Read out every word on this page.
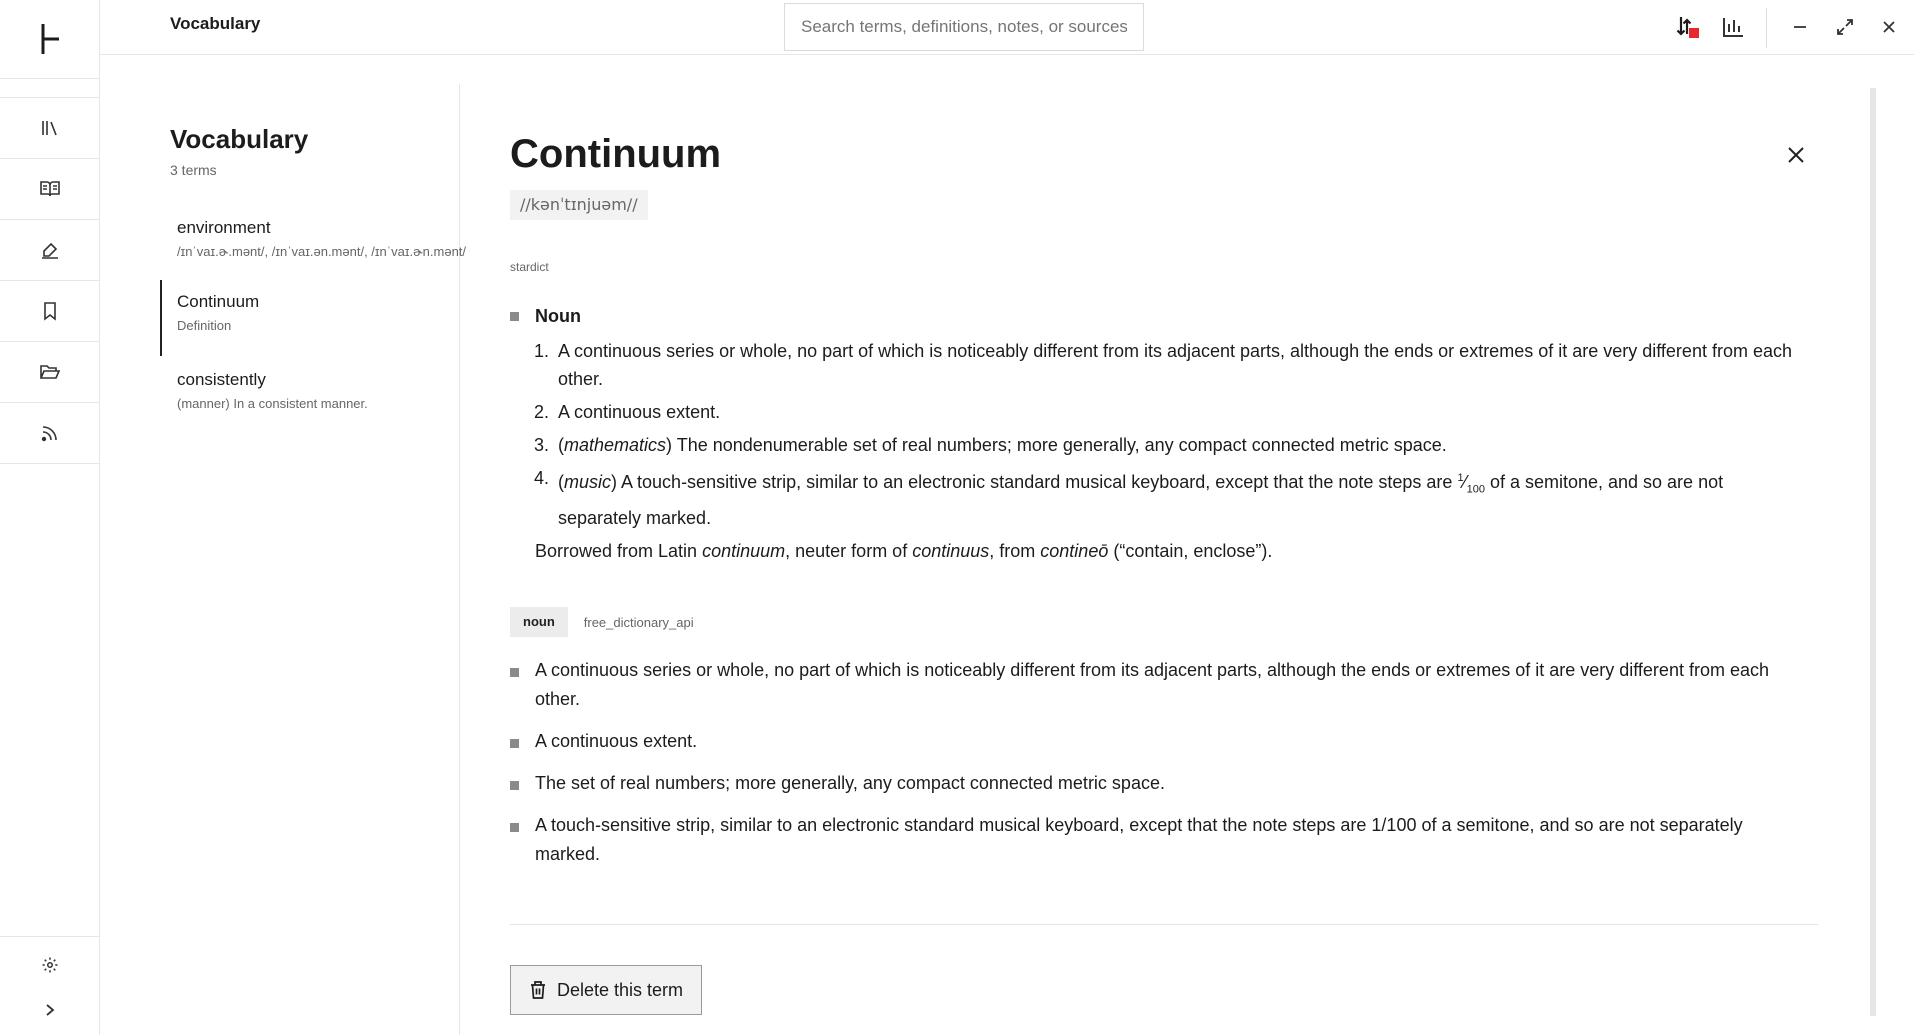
Vocabulary
Search terms, definitions, notes, or sources...
Vocabulary
3 terms
environment
/ɪnˈvaɪ.ɚ.mənt/, /ɪnˈvaɪ.ən.mənt/, /ɪnˈvaɪ.ɚn.mənt/
Continuum
Definition
consistently
(manner) In a consistent manner.
Continuum
//kənˈtɪnjuəm//
stardict
Noun
1. A continuous series or whole, no part of which is noticeably different from its adjacent parts, although the ends or extremes of it are very different from each other.
2. A continuous extent.
3. (mathematics) The nondenumerable set of real numbers; more generally, any compact connected metric space.
4. (music) A touch-sensitive strip, similar to an electronic standard musical keyboard, except that the note steps are $^1⁄_{100}$ of a semitone, and so are not separately marked.

Borrowed from Latin continuum, neuter form of continuus, from contineō (“contain, enclose”).

noun	free_dictionary_api
A continuous series or whole, no part of which is noticeably different from its adjacent parts, although the ends or extremes of it are very different from each other.
A continuous extent.
The set of real numbers; more generally, any compact connected metric space.
A touch-sensitive strip, similar to an electronic standard musical keyboard, except that the note steps are 1/100 of a semitone, and so are not separately marked.
Delete this term
